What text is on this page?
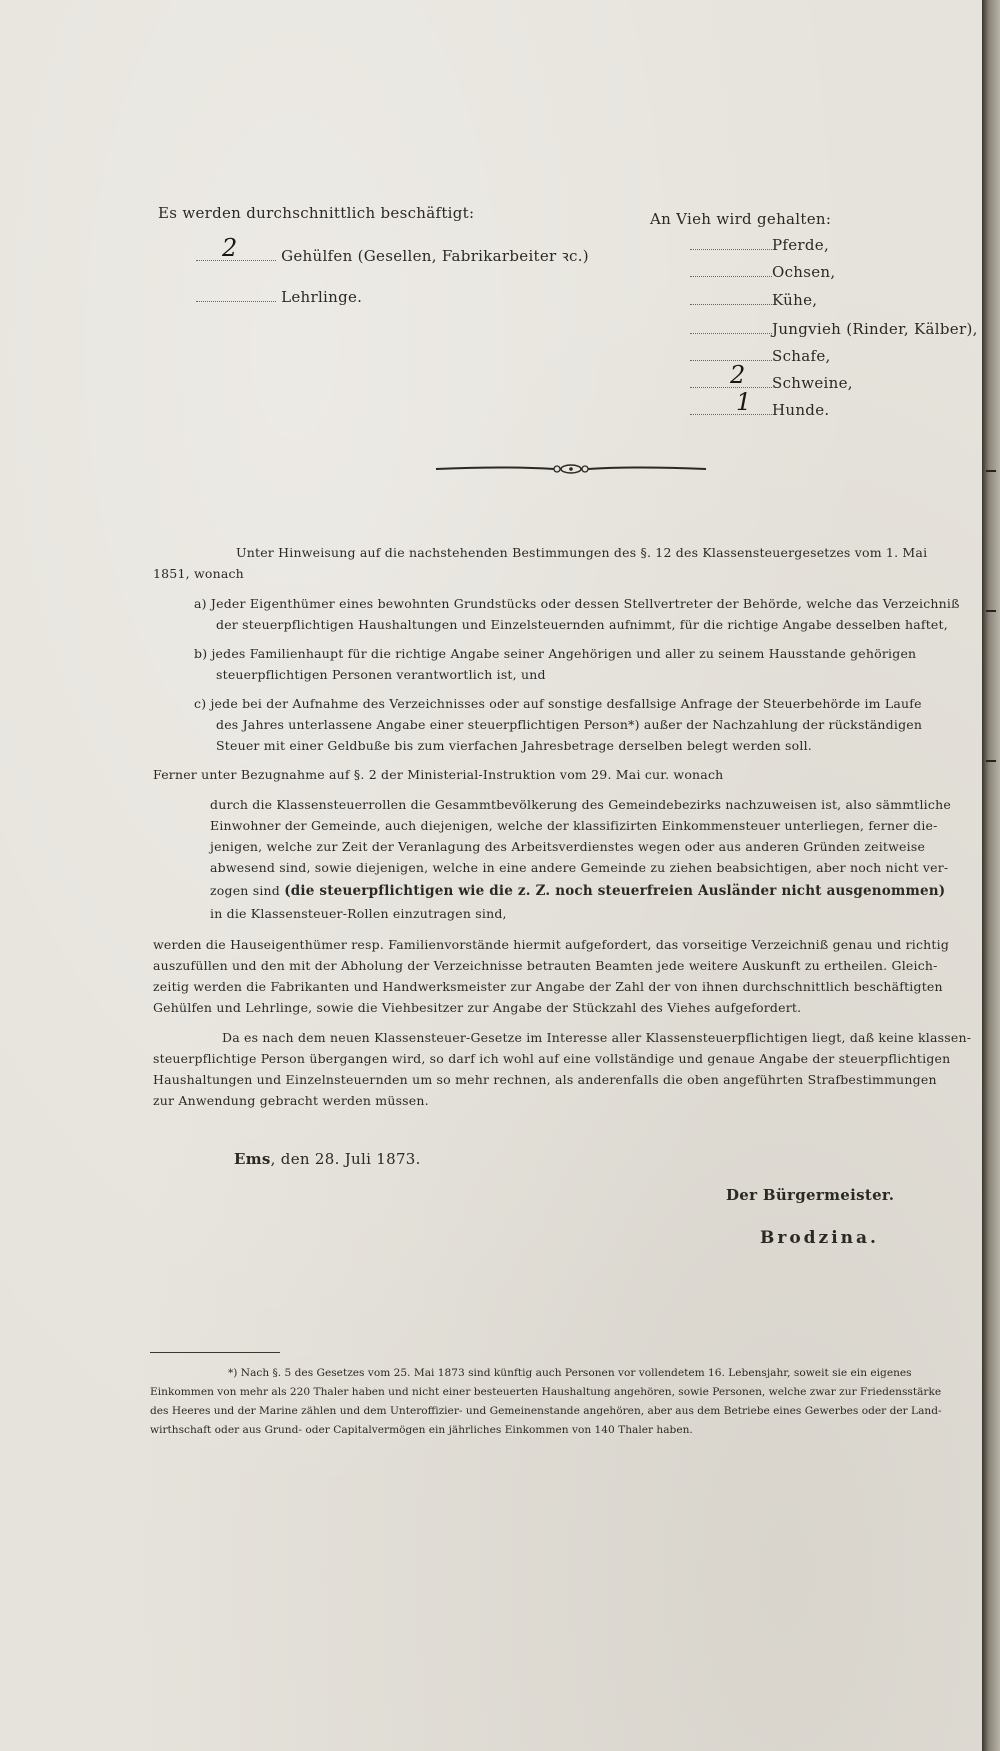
Es werden durchschnittlich beschäftigt:
2	Gehülfen (Gesellen, Fabrikarbeiter ꝛc.)
Lehrlinge.
An Vieh wird gehalten:
Pferde,
Ochsen,
Kühe,
Jungvieh (Rinder, Kälber),
Schafe,
2 Schweine,
1 Hunde.
Unter Hinweisung auf die nachstehenden Bestimmungen des §. 12 des Klassensteuergesetzes vom 1. Mai
1851, wonach
a) Jeder Eigenthümer eines bewohnten Grundstücks oder dessen Stellvertreter der Behörde, welche das Verzeichniß
der steuerpflichtigen Haushaltungen und Einzelsteuernden aufnimmt, für die richtige Angabe desselben haftet,
b) jedes Familienhaupt für die richtige Angabe seiner Angehörigen und aller zu seinem Hausstande gehörigen
steuerpflichtigen Personen verantwortlich ist, und
c) jede bei der Aufnahme des Verzeichnisses oder auf sonstige desfallsige Anfrage der Steuerbehörde im Laufe
des Jahres unterlassene Angabe einer steuerpflichtigen Person*) außer der Nachzahlung der rückständigen
Steuer mit einer Geldbuße bis zum vierfachen Jahresbetrage derselben belegt werden soll.
Ferner unter Bezugnahme auf §. 2 der Ministerial-Instruktion vom 29. Mai cur. wonach
durch die Klassensteuerrollen die Gesammtbevölkerung des Gemeindebezirks nachzuweisen ist, also sämmtliche
Einwohner der Gemeinde, auch diejenigen, welche der klassifizirten Einkommensteuer unterliegen, ferner die-
jenigen, welche zur Zeit der Veranlagung des Arbeitsverdienstes wegen oder aus anderen Gründen zeitweise
abwesend sind, sowie diejenigen, welche in eine andere Gemeinde zu ziehen beabsichtigen, aber noch nicht ver-
zogen sind (die steuerpflichtigen wie die z. Z. noch steuerfreien Ausländer nicht ausgenommen)
in die Klassensteuer-Rollen einzutragen sind,
werden die Hauseigenthümer resp. Familienvorstände hiermit aufgefordert, das vorseitige Verzeichniß genau und richtig
auszufüllen und den mit der Abholung der Verzeichnisse betrauten Beamten jede weitere Auskunft zu ertheilen. Gleich-
zeitig werden die Fabrikanten und Handwerksmeister zur Angabe der Zahl der von ihnen durchschnittlich beschäftigten
Gehülfen und Lehrlinge, sowie die Viehbesitzer zur Angabe der Stückzahl des Viehes aufgefordert.
Da es nach dem neuen Klassensteuer-Gesetze im Interesse aller Klassensteuerpflichtigen liegt, daß keine klassen-
steuerpflichtige Person übergangen wird, so darf ich wohl auf eine vollständige und genaue Angabe der steuerpflichtigen
Haushaltungen und Einzelnsteuernden um so mehr rechnen, als anderenfalls die oben angeführten Strafbestimmungen
zur Anwendung gebracht werden müssen.
Ems, den 28. Juli 1873.
Der Bürgermeister.
Brodzina.
*) Nach §. 5 des Gesetzes vom 25. Mai 1873 sind künftig auch Personen vor vollendetem 16. Lebensjahr, soweit sie ein eigenes
Einkommen von mehr als 220 Thaler haben und nicht einer besteuerten Haushaltung angehören, sowie Personen, welche zwar zur Friedensstärke
des Heeres und der Marine zählen und dem Unteroffizier- und Gemeinenstande angehören, aber aus dem Betriebe eines Gewerbes oder der Land-
wirthschaft oder aus Grund- oder Capitalvermögen ein jährliches Einkommen von 140 Thaler haben.
